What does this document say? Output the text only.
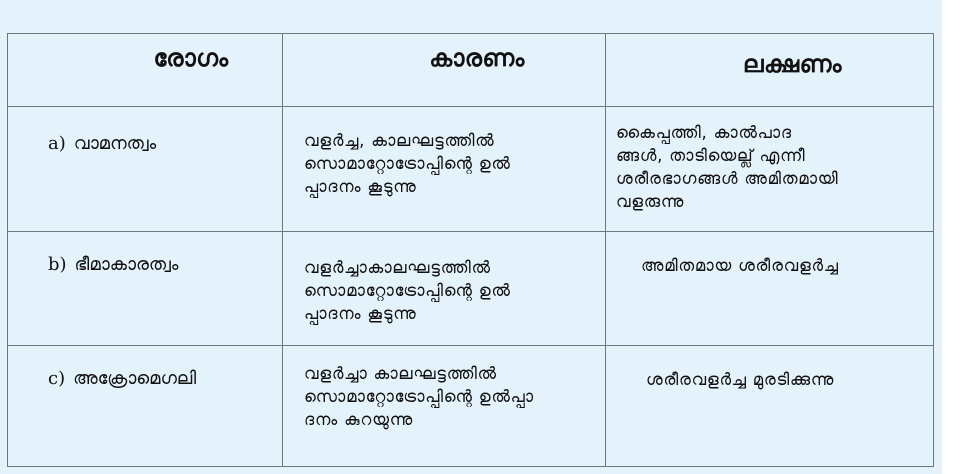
രോഗം	കാരണം	ലക്ഷണം

a) വാമനത്വം	വളർച്ച, കാലഘട്ടത്തിൽ
സൊമാറ്റോട്രോപ്പിന്റെ ഉൽ
പ്പാദനം കൂടുന്നു	കൈപ്പത്തി, കാൽപാദ
ങ്ങൾ, താടിയെല്ല് എന്നീ
ശരീരഭാഗങ്ങൾ അമിതമായി
വളരുന്നു

b) ഭീമാകാരത്വം	വളർച്ചാകാലഘട്ടത്തിൽ
സൊമാറ്റോട്രോപ്പിന്റെ ഉൽ
പ്പാദനം കൂടുന്നു	അമിതമായ ശരീരവളർച്ച

c) അക്രോമെഗലി	വളർച്ചാ കാലഘട്ടത്തിൽ
സൊമാറ്റോട്രോപ്പിന്റെ ഉൽപ്പാ
ദനം കുറയുന്നു	ശരീരവളർച്ച മുരടിക്കുന്നു
